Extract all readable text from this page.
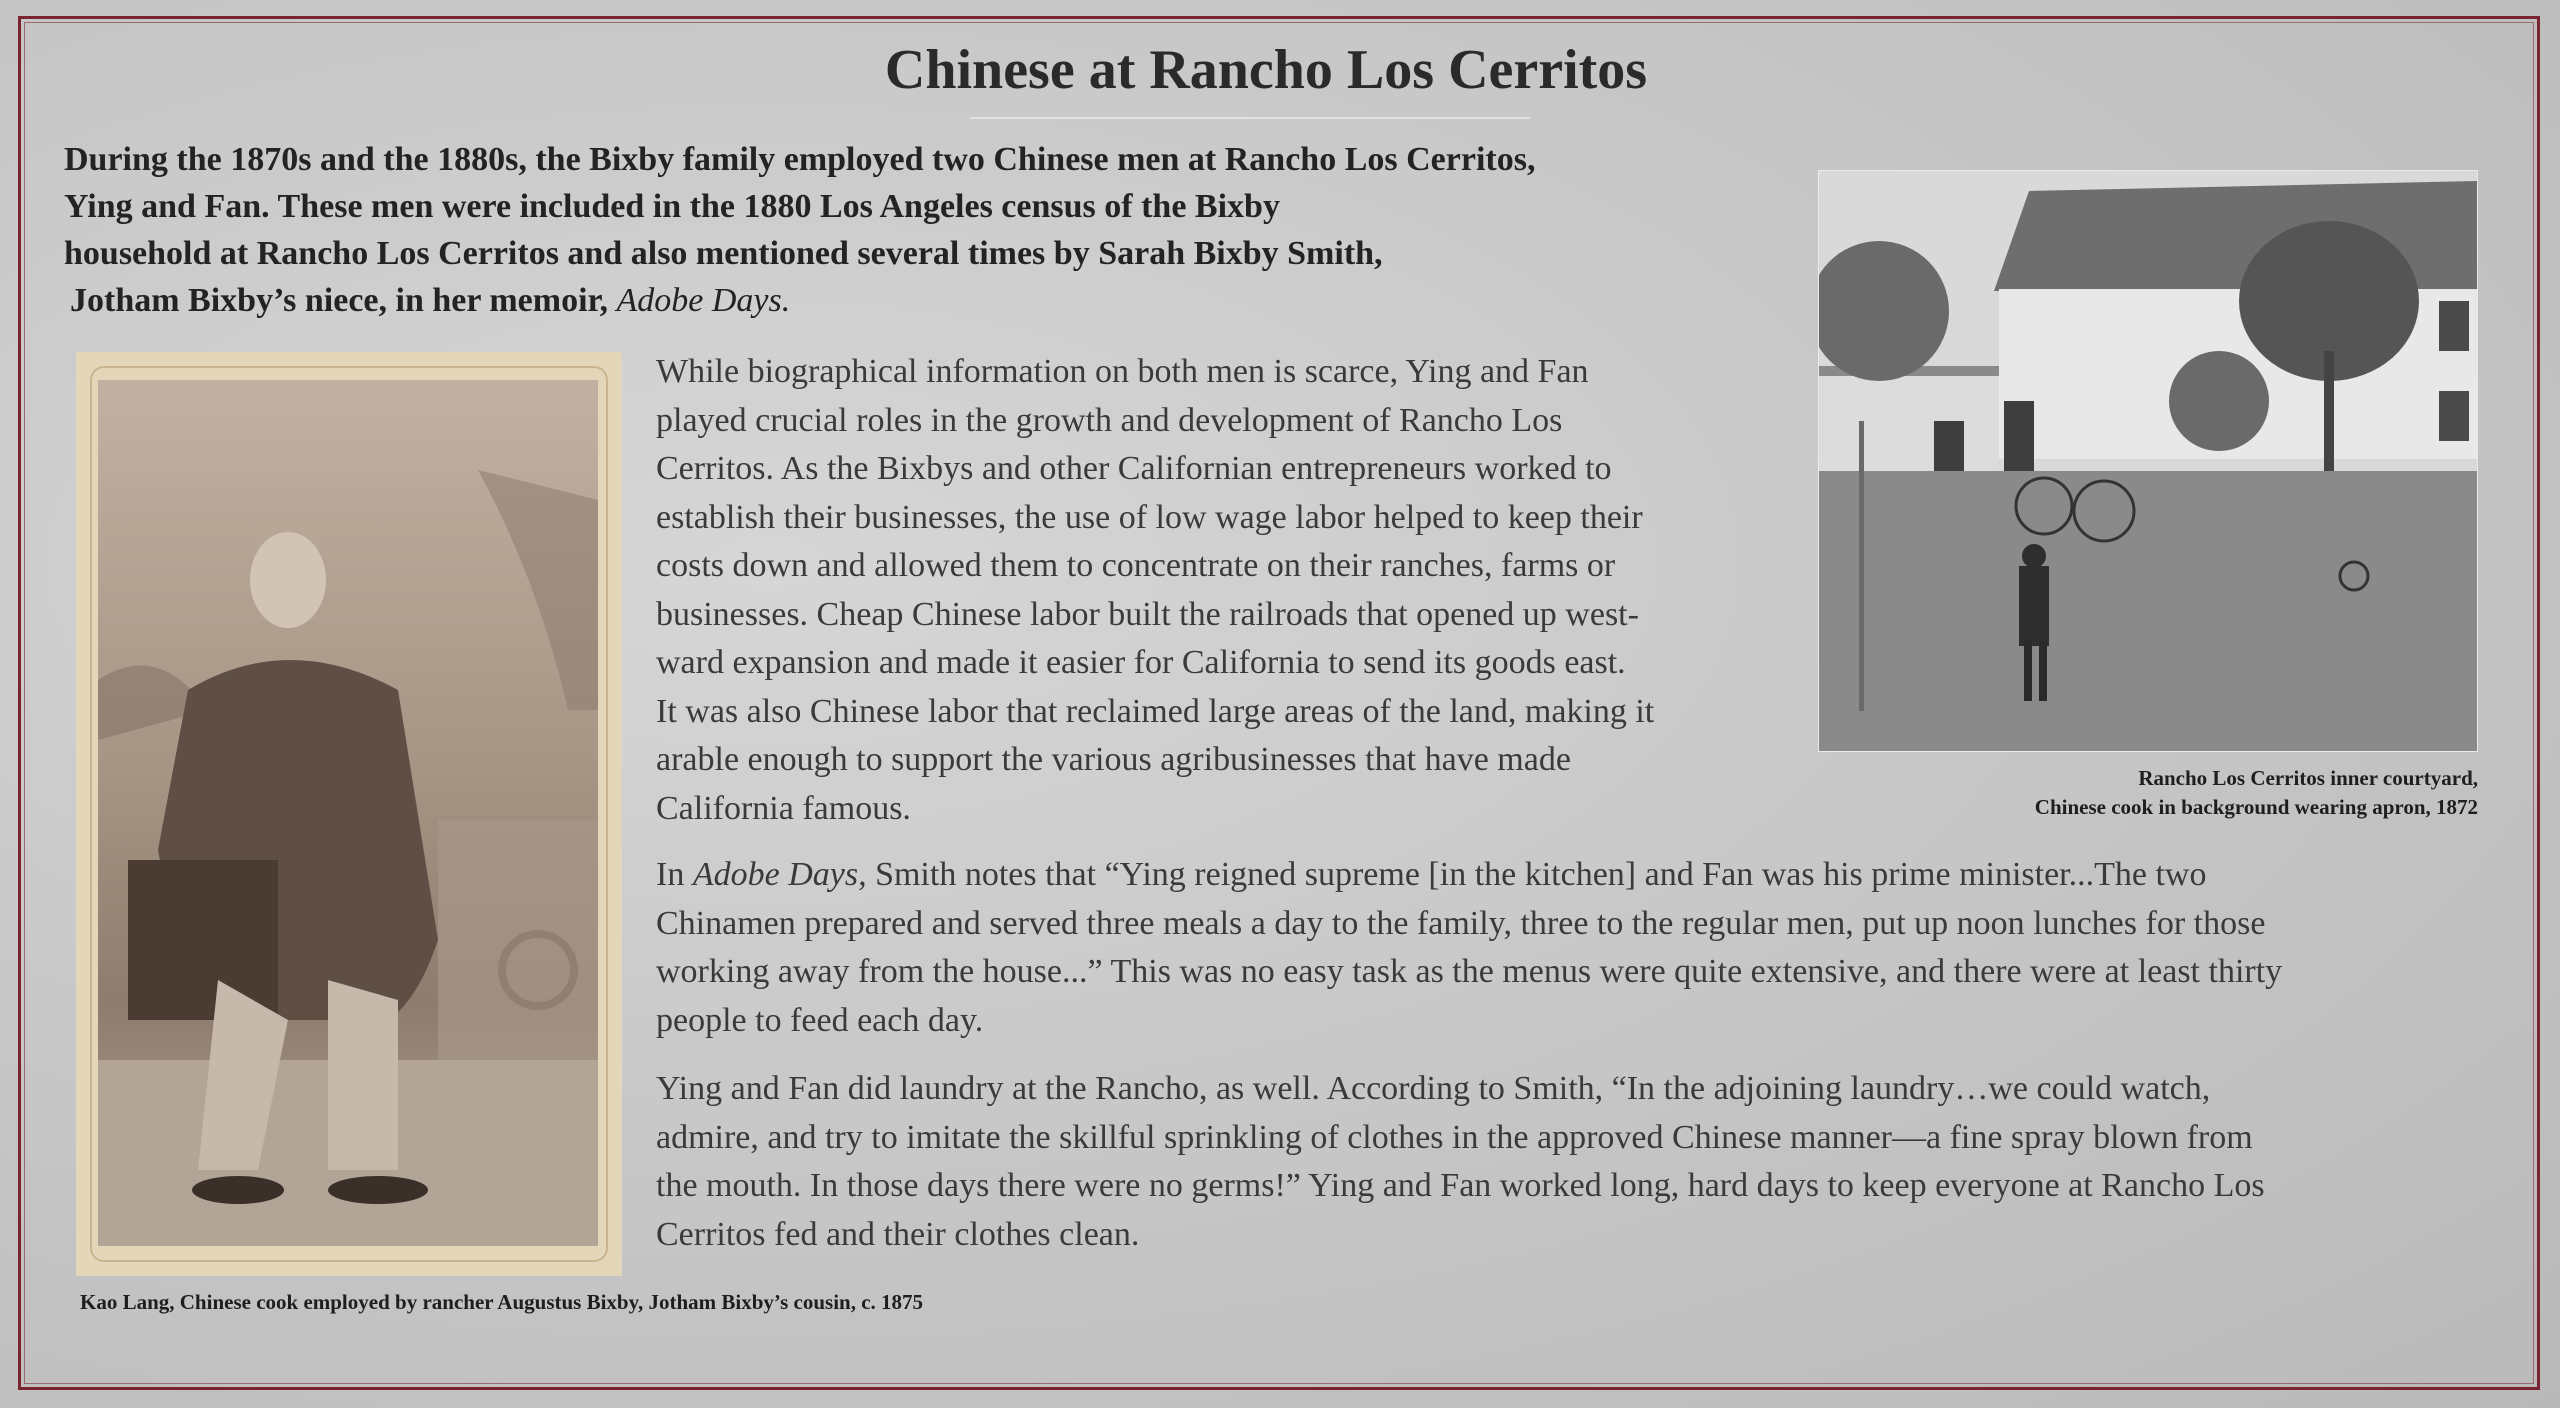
Chinese at Rancho Los Cerritos

During the 1870s and the 1880s, the Bixby family employed two Chinese men at Rancho Los Cerritos,
Ying and Fan. These men were included in the 1880 Los Angeles census of the Bixby
household at Rancho Los Cerritos and also mentioned several times by Sarah Bixby Smith,
Jotham Bixby’s niece, in her memoir, Adobe Days.

Rancho Los Cerritos inner courtyard,
Chinese cook in background wearing apron, 1872

Kao Lang, Chinese cook employed by rancher Augustus Bixby, Jotham Bixby’s cousin, c. 1875

While biographical information on both men is scarce, Ying and Fan
played crucial roles in the growth and development of Rancho Los
Cerritos. As the Bixbys and other Californian entrepreneurs worked to
establish their businesses, the use of low wage labor helped to keep their
costs down and allowed them to concentrate on their ranches, farms or
businesses. Cheap Chinese labor built the railroads that opened up west-
ward expansion and made it easier for California to send its goods east.
It was also Chinese labor that reclaimed large areas of the land, making it
arable enough to support the various agribusinesses that have made
California famous.

In Adobe Days, Smith notes that “Ying reigned supreme [in the kitchen] and Fan was his prime minister...The two
Chinamen prepared and served three meals a day to the family, three to the regular men, put up noon lunches for those
working away from the house...” This was no easy task as the menus were quite extensive, and there were at least thirty
people to feed each day.

Ying and Fan did laundry at the Rancho, as well. According to Smith, “In the adjoining laundry…we could watch,
admire, and try to imitate the skillful sprinkling of clothes in the approved Chinese manner—a fine spray blown from
the mouth. In those days there were no germs!” Ying and Fan worked long, hard days to keep everyone at Rancho Los
Cerritos fed and their clothes clean.
